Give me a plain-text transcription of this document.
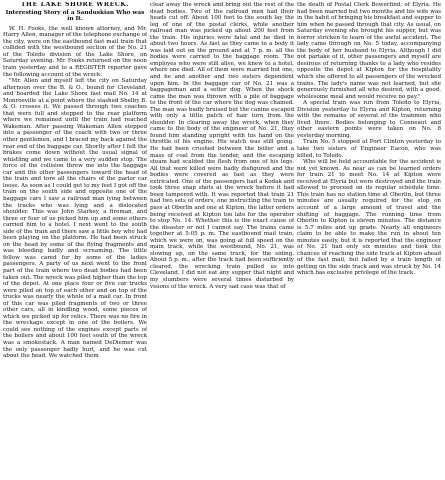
THE LAKE SHORE WRECK.
Interesting Story of a Sanduskian Who was in It.

W. H. Fooks, the well known attorney, and Mr. Harry Allen, manager of the telephone exchange of the city, were on the eastbound fast mail train that collided with the westbound section of the No. 21 of the Toledo division of the Lake Shore, on Saturday evening. Mr. Fooks returned on the noon train yesterday and to a REGISTER reporter gave the following account of the wreck:

"Mr. Allen and myself left the city on Saturday afternoon over the B. & O., bound for Cleveland, and boarded the Lake Shore fast mail No. 14 at Monroeville at a point where the slashed Shelby B. & O. crosses it. We passed through two coaches that were full and stepped to the rear platform where we remained until the train had reached Wakeman. After passing Wakeman Allen stepped into a passenger of the coach with two or three other gentlemen, and I braced my back against the rear end of the baggage car. Shortly after I felt the brakes come down without the usual signal of whistling and we came to a very sudden stop. The force of the collision threw me into the baggage car and the other passengers toward the head of the train and tore all the chairs of the parlor car loose. As soon as I could get to my feet I got off the train on the south side and opposite one of the baggage cars I saw a railroad man lying between the tracks who was lying and a dislocated shoulder. This was John Starkey, a fireman, and three or four of us picked him up and some others carried him to a hotel. I next went to the south side of the train and there saw a little boy who had been playing on the platform. He had been struck on the head by some of the flying fragments and was bleeding badly and screaming. The little fellow was cared for by some of the ladies passengers. A party of us next went to the front part of the train where two dead bodies had been taken out. The wreck was piled higher than the top of the depot. At one place four or five car trucks were piled on top of each other and on top of the trucks was nearly the whole of a mail car. In front of this car was piled fragments of two or three other cars, all in kindling wood, some pieces of which we picked up for relics. There was no fire in the wreckage except in one of the boilers. We could see nothing of the engines except parts of the boilers and about 100 feet south of the wreck was a smokestack. A man named DeDiemer was the only passenger badly hurt, and he was cut about the head. We watched them

clear away the wreck and bring out the rest of the dead bodies. Two of the railroad men had their heads cut off. About 100 feet to the south lay the leg of one of the postal clerks, while another railroad man was picked up about 200 feet from the train. His injuries were fatal and he died in about two hours. As fast as they came to a body it was laid out on the ground and at 7 p. m. all the bodies were carried to the baggage room. The employes who were still alive, we knew to a hotel, where one died. All of them were married but one, and he and another and two sisters dependent upon him. In the baggage car of No. 21 was a baggageman and a setter dog. When the shock came the man was thrown with a pile of baggage to the front of the car where the dog was chained. The man was badly bruised but the canine escaped with only a little patch of hair torn from the shoulder. In clearing away the wreck, when they came to the body of the engineer of No. 21, they found him standing upright with his hand on the throttle of his engine. His watch was still going. He had been crushed between the boiler and a mass of coal from the tender, and the escaping steam had scalded the flesh from one of his legs. All that were killed were badly disfigured and the bodies were covered as fast as they were extricated. One of the passengers had a Kodak and took three snap shots at the wreck before it had been tampered with. It was reported that train 21 had two sets of orders, one instructing the train to pass at Oberlin and one at Kipton, the latter orders being received at Kipton too late for the operator to stop No. 14. Whether this is the exact cause of the disaster or not I cannot say. The trains came together at 5:05 p. m. The eastbound mail train, which we were on, was going at full speed on the main track, while the westbound, No. 21, was slowing up, on the same track, for the siding. About 5 p. m., after the track had been sufficiently cleared, the wrecking train pulled us into Cleveland. I did not eat any supper that night and my slumbers were several times disturbed by visions of the wreck. A very sad case was that of

the death of Postal Clerk Bowerfind, of Elyria. He had been married but two months and his wife was in the habit of bringing his breakfast and supper to him when he passed through that city. As usual, on Saturday evening she brought his supper, but was horror stricken to learn of the awful accident. The lady came through on No. 5 today, accompanying the body of her husband to Elyria. Although I did not partake of it, other passengers and myself are desirous of returning thanks to a lady who resides opposite the depot at Kipton for the hospitality which she offered to all passengers of the wrecked trains. The lady's name was not learned, but she generously furnished all who desired, with a good, wholesome meal and would receive no pay."

A special train was run from Toledo to Elyria, Division yesterday to Elyria and Kipton, returning with the remains of several of the trainmen who lived there. Bodies belonging to Conneaut and other eastern points were taken on No. 8 yesterday morning.

Train No. 5 stopped at Port Clinton yesterday to take two sisters of Engineer Eacon, who was killed, to Toledo.

Who will be held accountable for the accident is not yet known. As near as can be learned orders for train 21 to meet No. 14 at Kipton were received at Elyria but were destroyed and the train allowed to proceed on its regular schedule time. This train has no station time at Oberlin, but three minutes are usually required for the stop on account of a large amount of travel and the shifting of baggage. The running time from Oberlin to Kipton is eleven minutes. The distance is 5.7 miles and up grade. Nearly all engineers claim to be able to make the run in about ten minutes easily, but it is reported that the engineer of No. 21 had only six minutes and took the chances of reaching the side track at Kipton ahead of the fast mail, but failed by a train length of getting on the side track and was struck by No. 14 which has exclusive privilege of the track.
